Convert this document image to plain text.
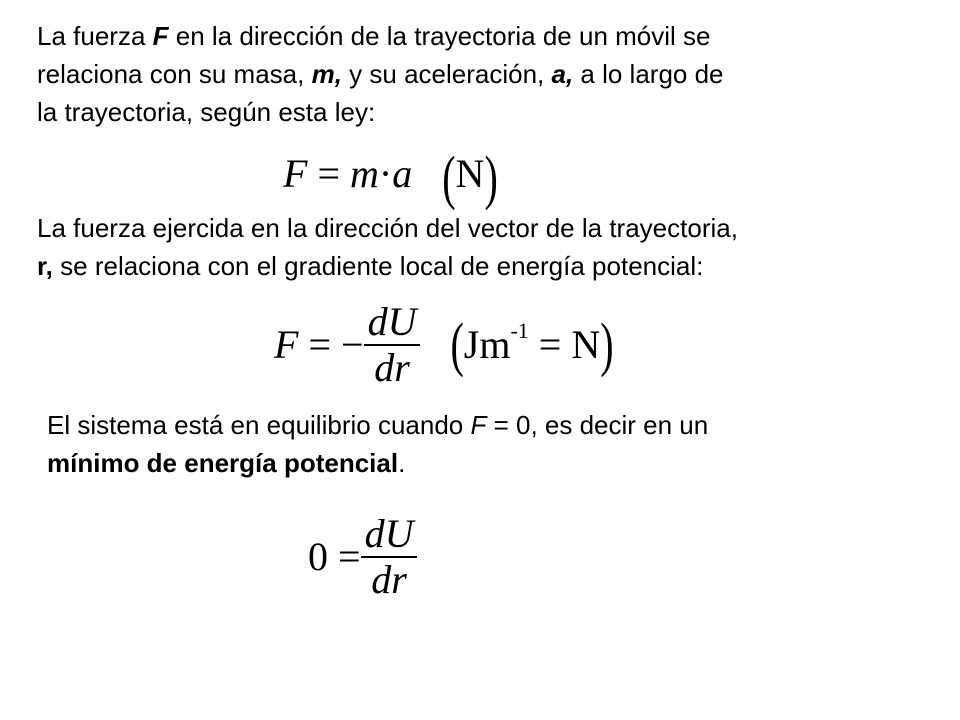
La fuerza F en la dirección de la trayectoria de un móvil se
relaciona con su masa, m, y su aceleración, a, a lo largo de
la trayectoria, según esta ley:
F = m·a (N)
La fuerza ejercida en la dirección del vector de la trayectoria,
r, se relaciona con el gradiente local de energía potencial:
F = − $\frac{dU}{dr} (Jm^{-1} = N)$
El sistema está en equilibrio cuando F = 0, es decir en un
mínimo de energía potencial.
$0 = \frac{dU}{dr}$
